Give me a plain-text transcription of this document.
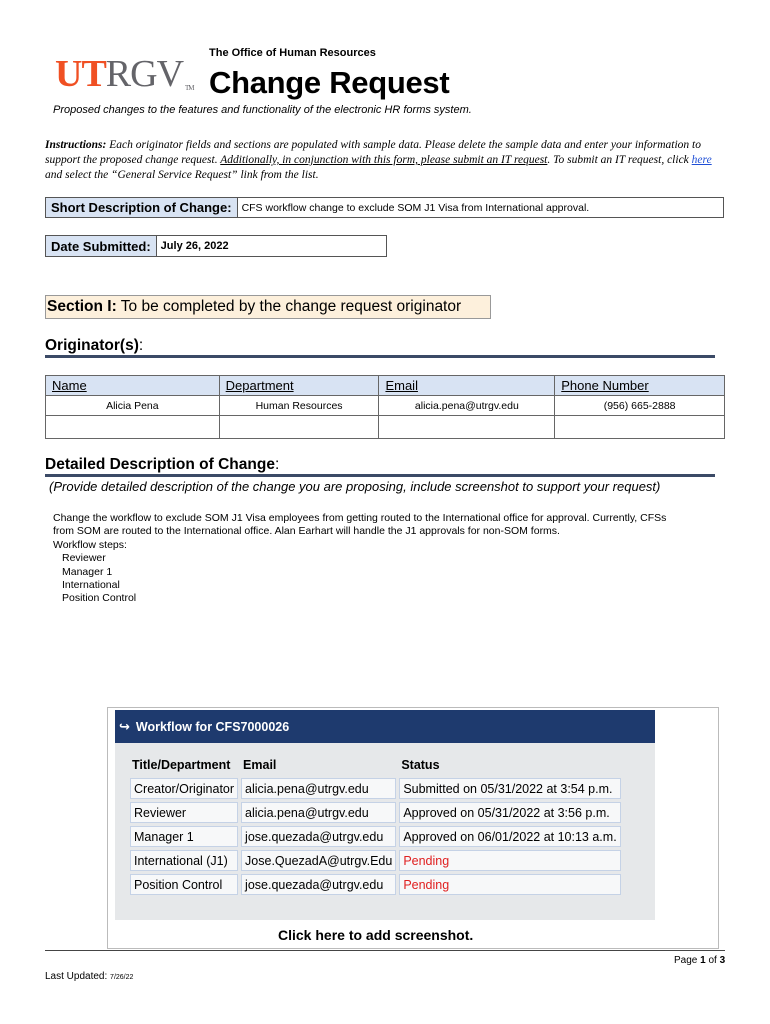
UT RGV TM
The Office of Human Resources
Change Request
Proposed changes to the features and functionality of the electronic HR forms system.
Instructions: Each originator fields and sections are populated with sample data. Please delete the sample data and enter your information to support the proposed change request. Additionally, in conjunction with this form, please submit an IT request. To submit an IT request, click here and select the “General Service Request” link from the list.
Short Description of Change: CFS workflow change to exclude SOM J1 Visa from International approval.
Date Submitted: July 26, 2022
Section I: To be completed by the change request originator
Originator(s):
Name	Department	Email	Phone Number
Alicia Pena	Human Resources	alicia.pena@utrgv.edu	(956) 665-2888

Detailed Description of Change:
(Provide detailed description of the change you are proposing, include screenshot to support your request)
Change the workflow to exclude SOM J1 Visa employees from getting routed to the International office for approval. Currently, CFSs
from SOM are routed to the International office. Alan Earhart will handle the J1 approvals for non-SOM forms.
Workflow steps:
Reviewer
Manager 1
International
Position Control
↪ Workflow for CFS7000026
Title/Department	Email	Status
Creator/Originator	alicia.pena@utrgv.edu	Submitted on 05/31/2022 at 3:54 p.m.
Reviewer	alicia.pena@utrgv.edu	Approved on 05/31/2022 at 3:56 p.m.
Manager 1	jose.quezada@utrgv.edu	Approved on 06/01/2022 at 10:13 a.m.
International (J1)	Jose.QuezadA@utrgv.Edu	Pending
Position Control	jose.quezada@utrgv.edu	Pending
Click here to add screenshot.
Page 1 of 3
Last Updated: 7/26/22
